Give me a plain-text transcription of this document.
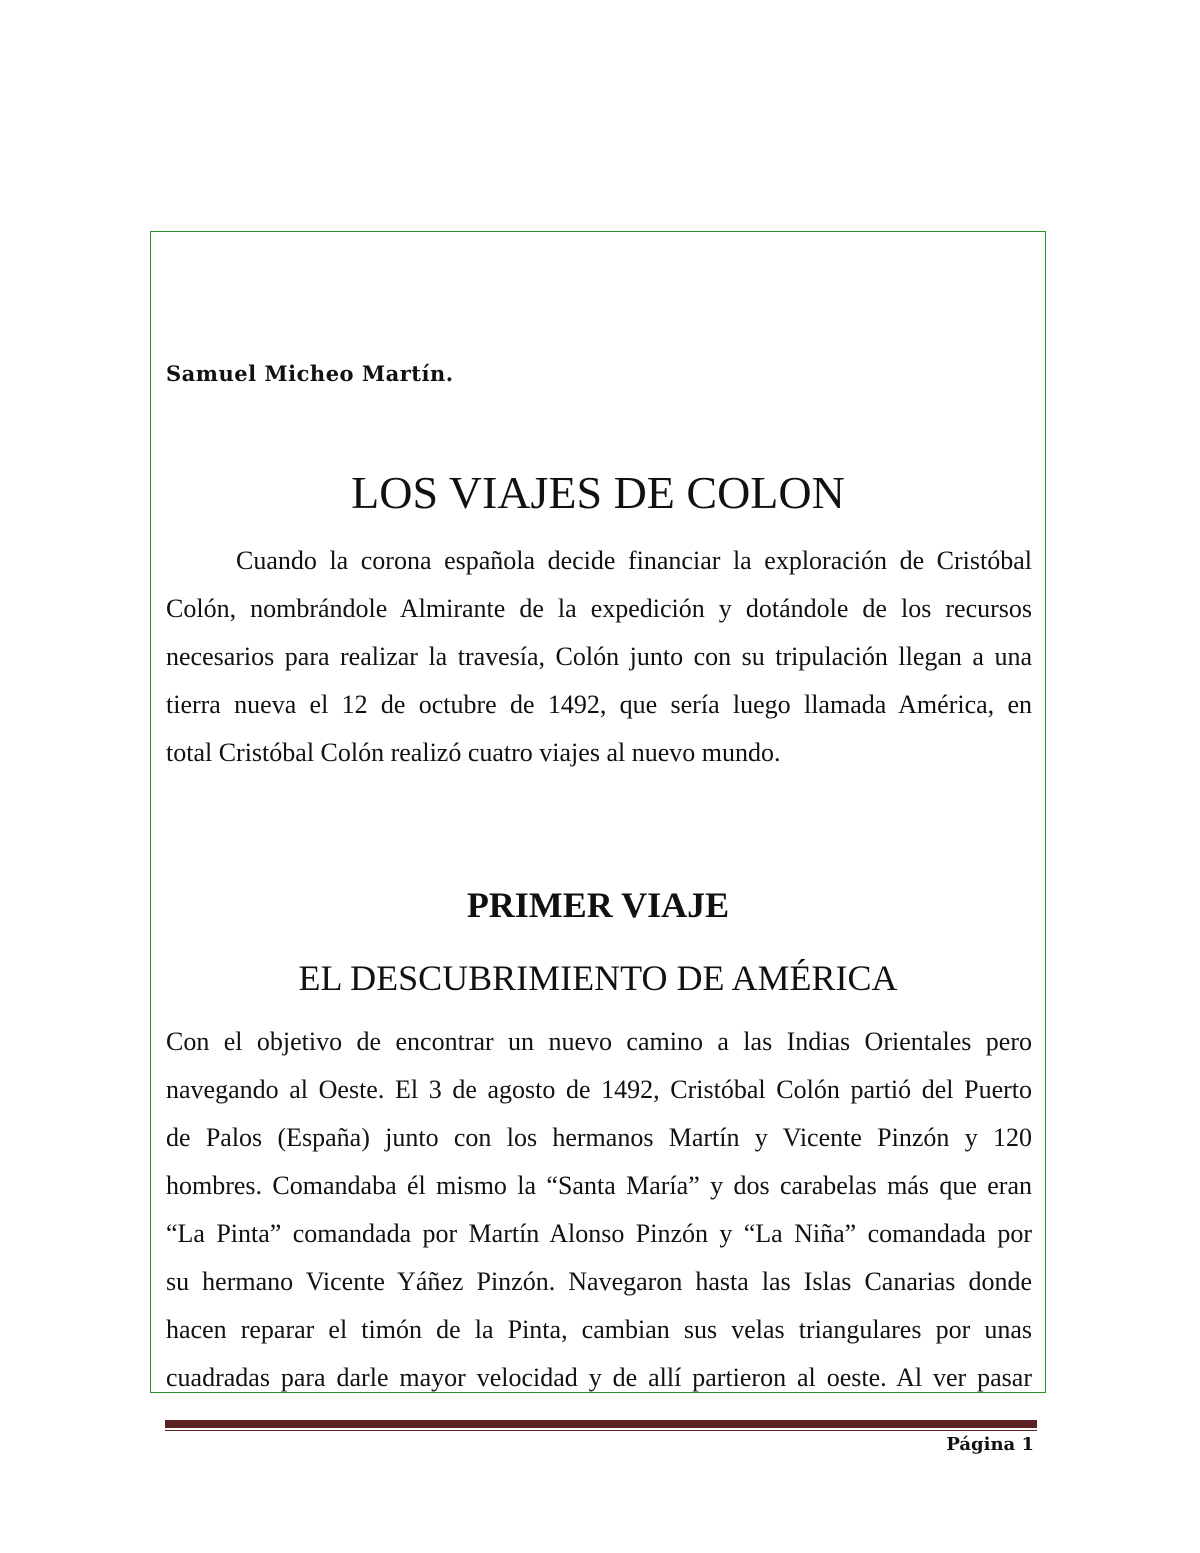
Samuel Micheo Martín.

LOS VIAJES DE COLON
Cuando la corona española decide financiar la exploración de Cristóbal
Colón, nombrándole Almirante de la expedición y dotándole de los recursos
necesarios para realizar la travesía, Colón junto con su tripulación llegan a una
tierra nueva el 12 de octubre de 1492, que sería luego llamada América, en
total Cristóbal Colón realizó cuatro viajes al nuevo mundo.
PRIMER VIAJE
EL DESCUBRIMIENTO DE AMÉRICA
Con el objetivo de encontrar un nuevo camino a las Indias Orientales pero
navegando al Oeste. El 3 de agosto de 1492, Cristóbal Colón partió del Puerto
de Palos (España) junto con los hermanos Martín y Vicente Pinzón y 120
hombres. Comandaba él mismo la “Santa María” y dos carabelas más que eran
“La Pinta” comandada por Martín Alonso Pinzón y “La Niña” comandada por
su hermano Vicente Yáñez Pinzón. Navegaron hasta las Islas Canarias donde
hacen reparar el timón de la Pinta, cambian sus velas triangulares por unas
cuadradas para darle mayor velocidad y de allí partieron al oeste. Al ver pasar

Página 1
